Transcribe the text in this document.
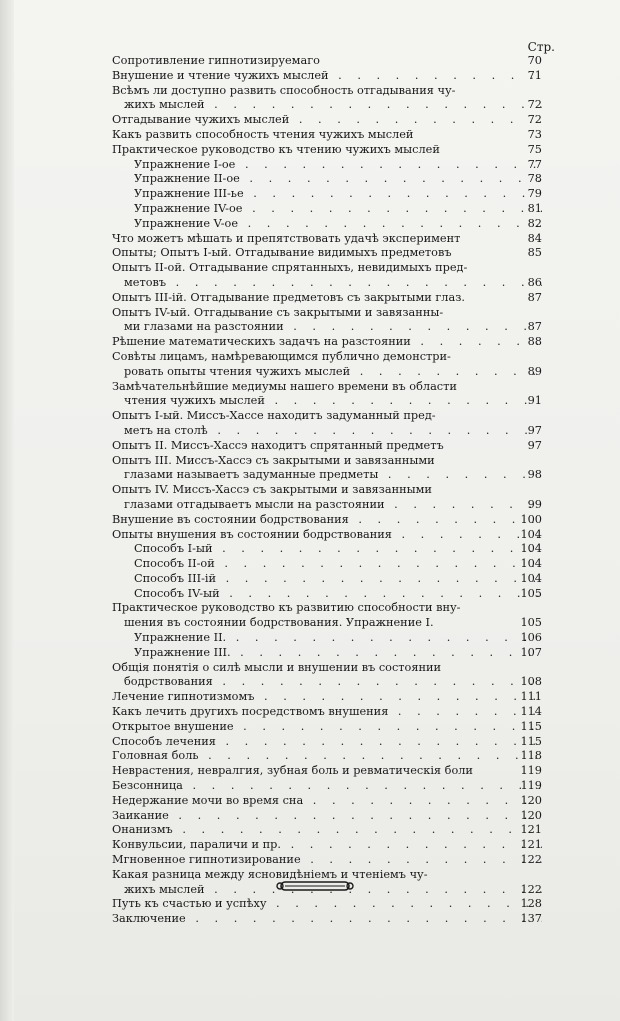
Стр.
Сопротивление гипнотизируемаго	70
Внушение и чтение чужихъ мыслей . .	71
Всѣмъ ли доступно развить способность отгадывания чу-
жихъ мыслей . .	72
Отгадывание чужихъ мыслей . .	72
Какъ развить способность чтения чужихъ мыслей	73
Практическое руководство къ чтению чужихъ мыслей	75
Упражнение I-ое . .	77
Упражнение II-ое . .	78
Упражнение III-ье . .	79
Упражнение IV-ое . .	81
Упражнение V-ое . .	82
Что можетъ мѣшать и препятствовать удачѣ эксперимент	84
Опыты; Опытъ I-ый. Отгадывание видимыхъ предметовъ	85
Опытъ II-ой. Отгадывание спрятанныхъ, невидимыхъ пред-
метовъ . .	86
Опытъ III-ій. Отгадывание предметовъ съ закрытыми глаз.	87
Опытъ IV-ый. Отгадывание съ закрытыми и завязанны-
ми глазами на разстоянии . .	87
Рѣшение математическихъ задачъ на разстоянии . .	88
Совѣты лицамъ, намѣревающимся публично демонстри-
ровать опыты чтения чужихъ мыслей . .	89
Замѣчательнѣйшие медиумы нашего времени въ области
чтения чужихъ мыслей . .	91
Опытъ I-ый. Миссъ-Хассе находитъ задуманный пред-
метъ на столѣ . .	97
Опытъ II. Миссъ-Хассэ находитъ спрятанный предметъ	97
Опытъ III. Миссъ-Хассэ съ закрытыми и завязанными
глазами называетъ задуманные предметы . .	98
Опытъ IV. Миссъ-Хассэ съ закрытыми и завязанными
глазами отгадываетъ мысли на разстоянии . .	99
Внушение въ состоянии бодрствования . .	100
Опыты внушения въ состоянии бодрствования . .	104
Способъ I-ый . .	104
Способъ II-ой . .	104
Способъ III-ій . .	104
Способъ IV-ый . .	105
Практическое руководство къ развитию способности вну-
шения въ состоянии бодрствования. Упражнение I.	105
Упражнение II. . .	106
Упражнение III. . .	107
Общія понятія о силѣ мысли и внушении въ состоянии
бодрствования . .	108
Лечение гипнотизмомъ . .	111
Какъ лечить другихъ посредствомъ внушения . .	114
Открытое внушение . .	115
Способъ лечения . .	115
Головная боль . .	118
Неврастения, невралгия, зубная боль и ревматическія боли	119
Безсонница . .	119
Недержание мочи во время сна . .	120
Заикание . .	120
Онанизмъ . .	121
Конвульсии, параличи и пр. . .	121
Мгновенное гипнотизирование . .	122
Какая разница между ясновидѣніемъ и чтеніемъ чу-
жихъ мыслей . .	122
Путь къ счастью и успѣху . .	128
Заключение . .	137
